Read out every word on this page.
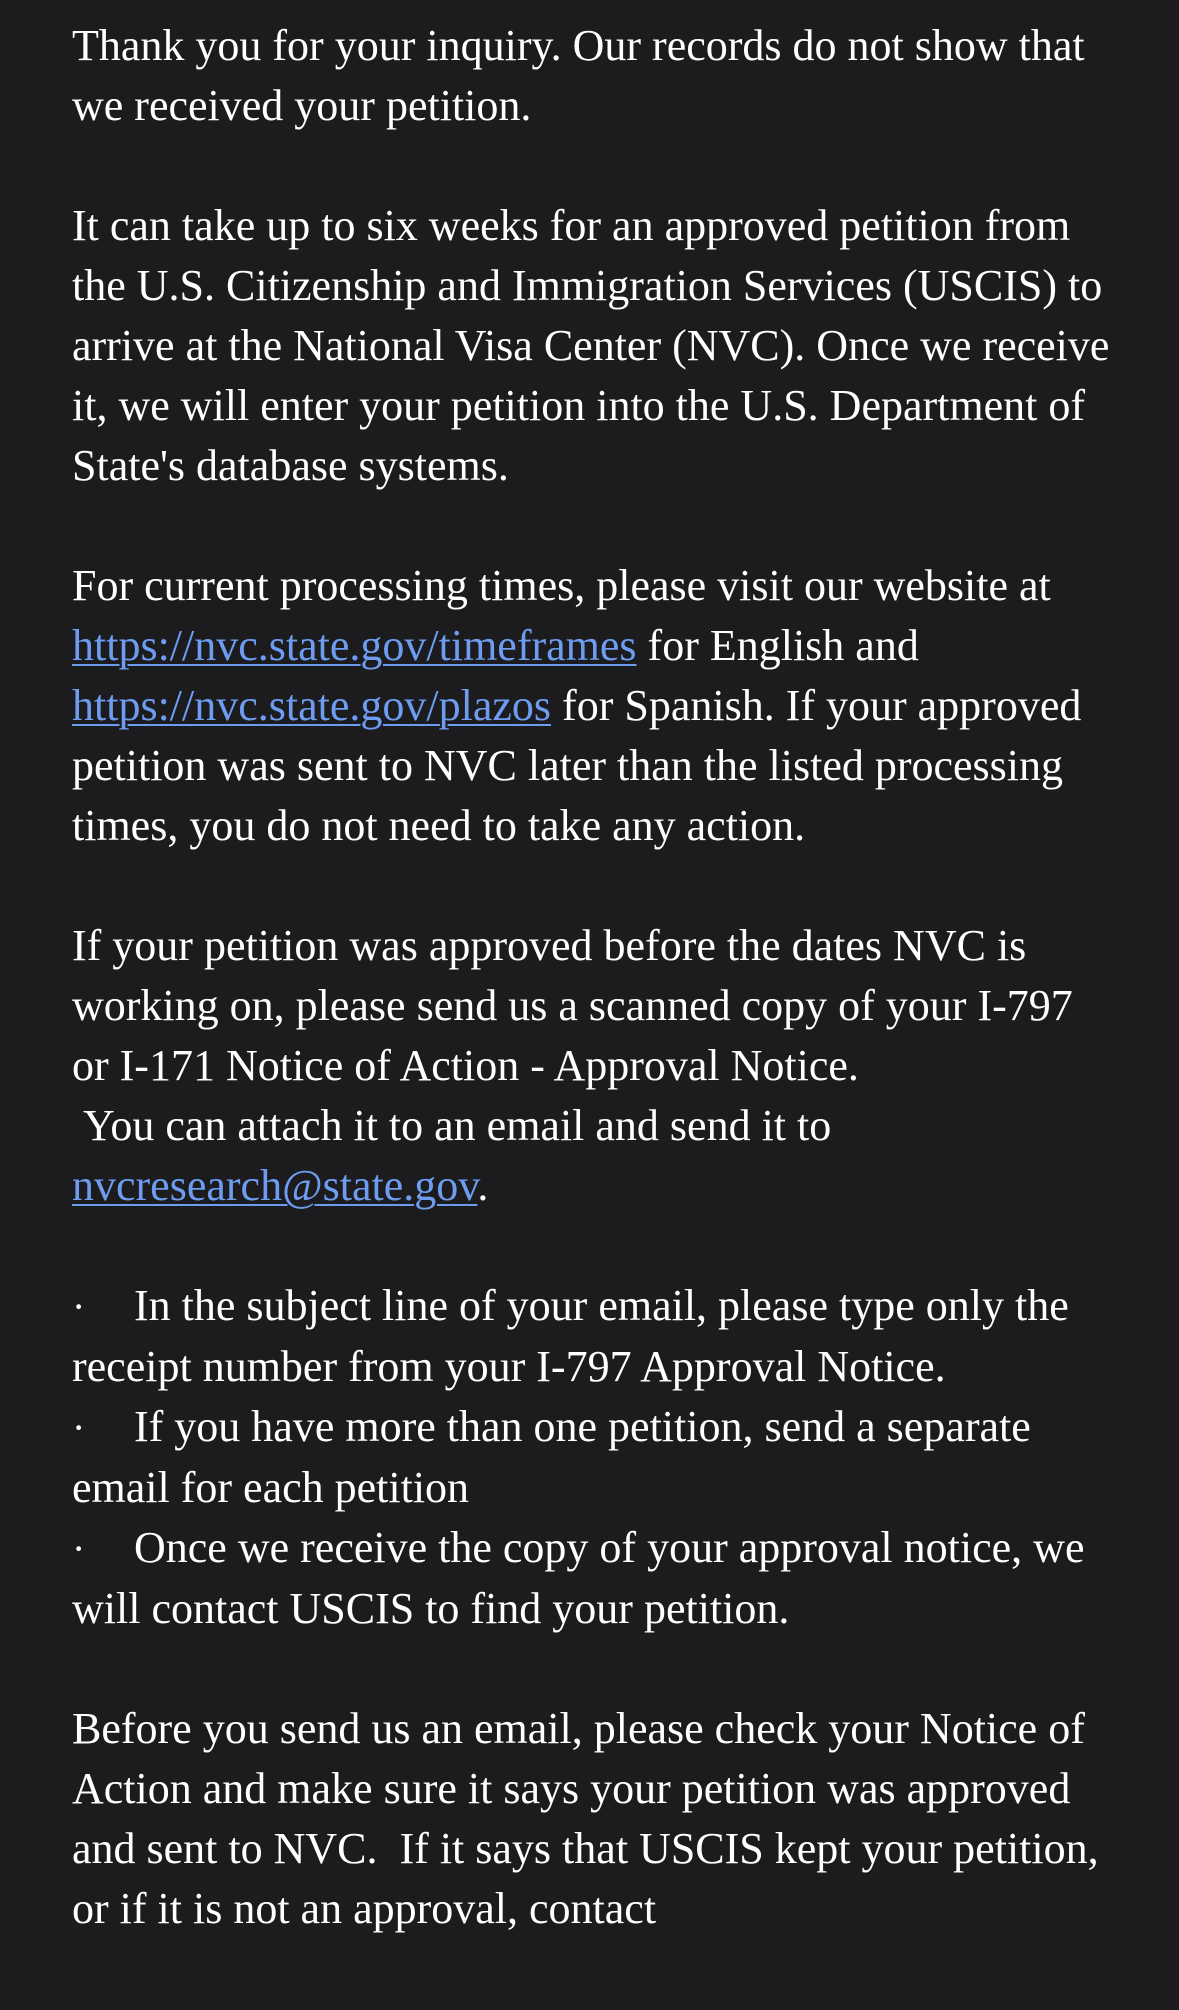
Thank you for your inquiry. Our records do not show that we received your petition.

It can take up to six weeks for an approved petition from the U.S. Citizenship and Immigration Services (USCIS) to arrive at the National Visa Center (NVC). Once we receive it, we will enter your petition into the U.S. Department of State's database systems.

For current processing times, please visit our website at https://nvc.state.gov/timeframes for English and https://nvc.state.gov/plazos for Spanish. If your approved petition was sent to NVC later than the listed processing times, you do not need to take any action.

If your petition was approved before the dates NVC is working on, please send us a scanned copy of your I-797 or I-171 Notice of Action - Approval Notice.
You can attach it to an email and send it to nvcresearch@state.gov.

· In the subject line of your email, please type only the receipt number from your I-797 Approval Notice.
· If you have more than one petition, send a separate email for each petition
· Once we receive the copy of your approval notice, we will contact USCIS to find your petition.

Before you send us an email, please check your Notice of Action and make sure it says your petition was approved and sent to NVC.  If it says that USCIS kept your petition, or if it is not an approval, contact
